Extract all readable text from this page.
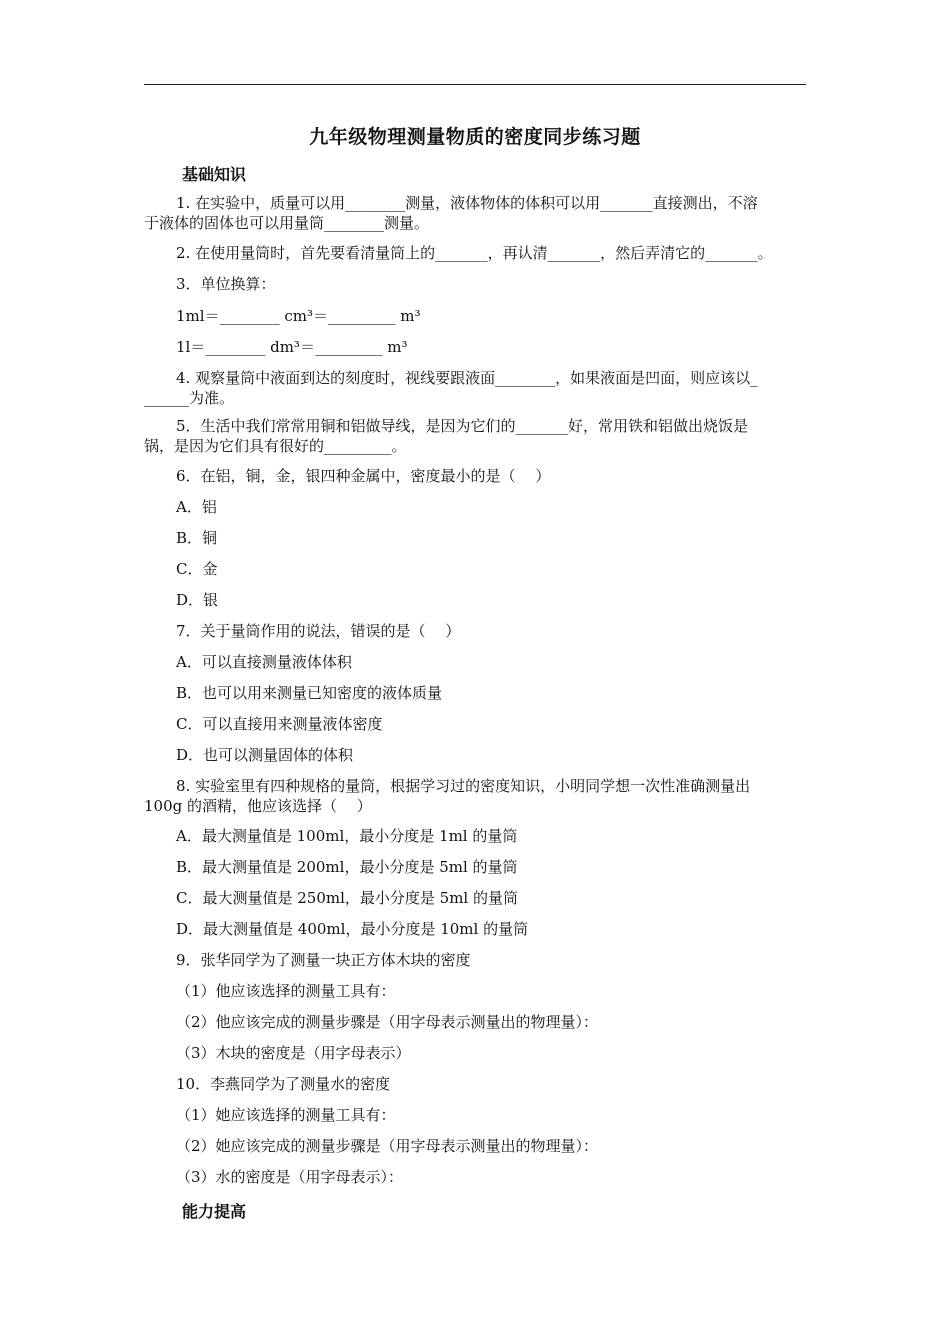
九年级物理测量物质的密度同步练习题
基础知识
1. 在实验中，质量可以用________测量，液体物体的体积可以用_______直接测出，不溶
于液体的固体也可以用量筒________测量。
2. 在使用量筒时，首先要看清量筒上的_______，再认清_______，然后弄清它的_______。
3．单位换算：
1ml＝________ cm³＝_________ m³
1l＝________ dm³＝_________ m³
4. 观察量筒中液面到达的刻度时，视线要跟液面________，如果液面是凹面，则应该以_
______为准。
5．生活中我们常常用铜和铝做导线，是因为它们的_______好，常用铁和铝做出烧饭是
锅，是因为它们具有很好的_________。
6．在铝，铜，金，银四种金属中，密度最小的是（　 ）
A．铝
B．铜
C．金
D．银
7．关于量筒作用的说法，错误的是（　 ）
A．可以直接测量液体体积
B．也可以用来测量已知密度的液体质量
C．可以直接用来测量液体密度
D．也可以测量固体的体积
8. 实验室里有四种规格的量筒，根据学习过的密度知识，小明同学想一次性准确测量出
100g 的酒精，他应该选择（　 ）
A．最大测量值是 100ml，最小分度是 1ml 的量筒
B．最大测量值是 200ml，最小分度是 5ml 的量筒
C．最大测量值是 250ml，最小分度是 5ml 的量筒
D．最大测量值是 400ml，最小分度是 10ml 的量筒
9．张华同学为了测量一块正方体木块的密度
（1）他应该选择的测量工具有：
（2）他应该完成的测量步骤是（用字母表示测量出的物理量）：
（3）木块的密度是（用字母表示）
10．李燕同学为了测量水的密度
（1）她应该选择的测量工具有：
（2）她应该完成的测量步骤是（用字母表示测量出的物理量）：
（3）水的密度是（用字母表示）：
能力提高
